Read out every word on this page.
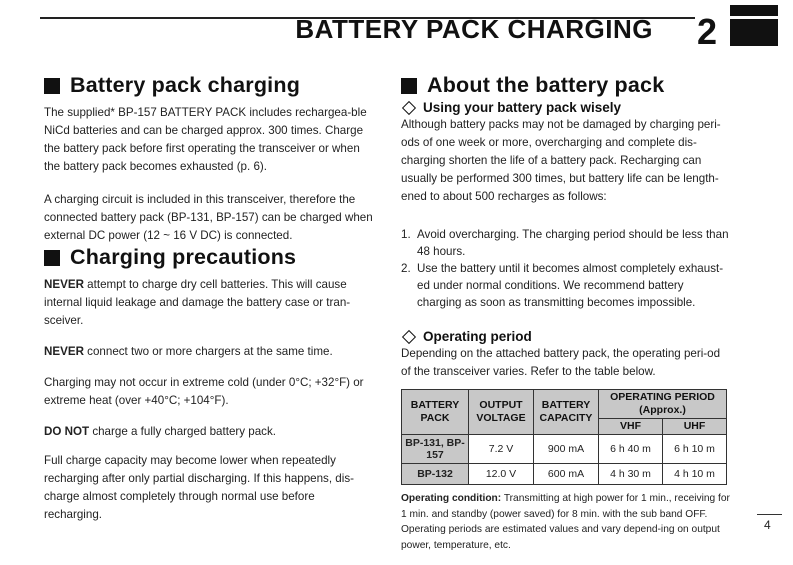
BATTERY PACK CHARGING 2
Battery pack charging

The supplied* BP-157 BATTERY PACK includes rechargea-ble NiCd batteries and can be charged approx. 300 times. Charge the battery pack before first operating the transceiver or when the battery pack becomes exhausted (p. 6).

A charging circuit is included in this transceiver, therefore the connected battery pack (BP-131, BP-157) can be charged when external DC power (12 ~ 16 V DC) is connected.

Charging precautions

NEVER attempt to charge dry cell batteries. This will cause internal liquid leakage and damage the battery case or tran-sceiver.

NEVER connect two or more chargers at the same time.

Charging may not occur in extreme cold (under 0°C; +32°F) or extreme heat (over +40°C; +104°F).

DO NOT charge a fully charged battery pack.

Full charge capacity may become lower when repeatedly recharging after only partial discharging. If this happens, dis-charge almost completely through normal use before recharging.

About the battery pack
Using your battery pack wisely

Although battery packs may not be damaged by charging peri-ods of one week or more, overcharging and complete dis-charging shorten the life of a battery pack. Recharging can usually be performed 300 times, but battery life can be length-ened to about 500 recharges as follows:

1. Avoid overcharging. The charging period should be less than 48 hours.
2. Use the battery until it becomes almost completely exhaust-ed under normal conditions. We recommend battery charging as soon as transmitting becomes impossible.
Operating period

Depending on the attached battery pack, the operating peri-od of the transceiver varies. Refer to the table below.

BATTERY PACK	OUTPUT VOLTAGE	BATTERY CAPACITY	OPERATING PERIOD
(Approx.)	
			VHF	UHF
BP-131, BP-157	7.2 V	900 mA	6 h 40 m	6 h 10 m
BP-132	12.0 V	600 mA	4 h 30 m	4 h 10 m

Operating condition: Transmitting at high power for 1 min., receiving for 1 min. and standby (power saved) for 8 min. with the sub band OFF. Operating periods are estimated values and vary depend-ing on output power, temperature, etc.

4
